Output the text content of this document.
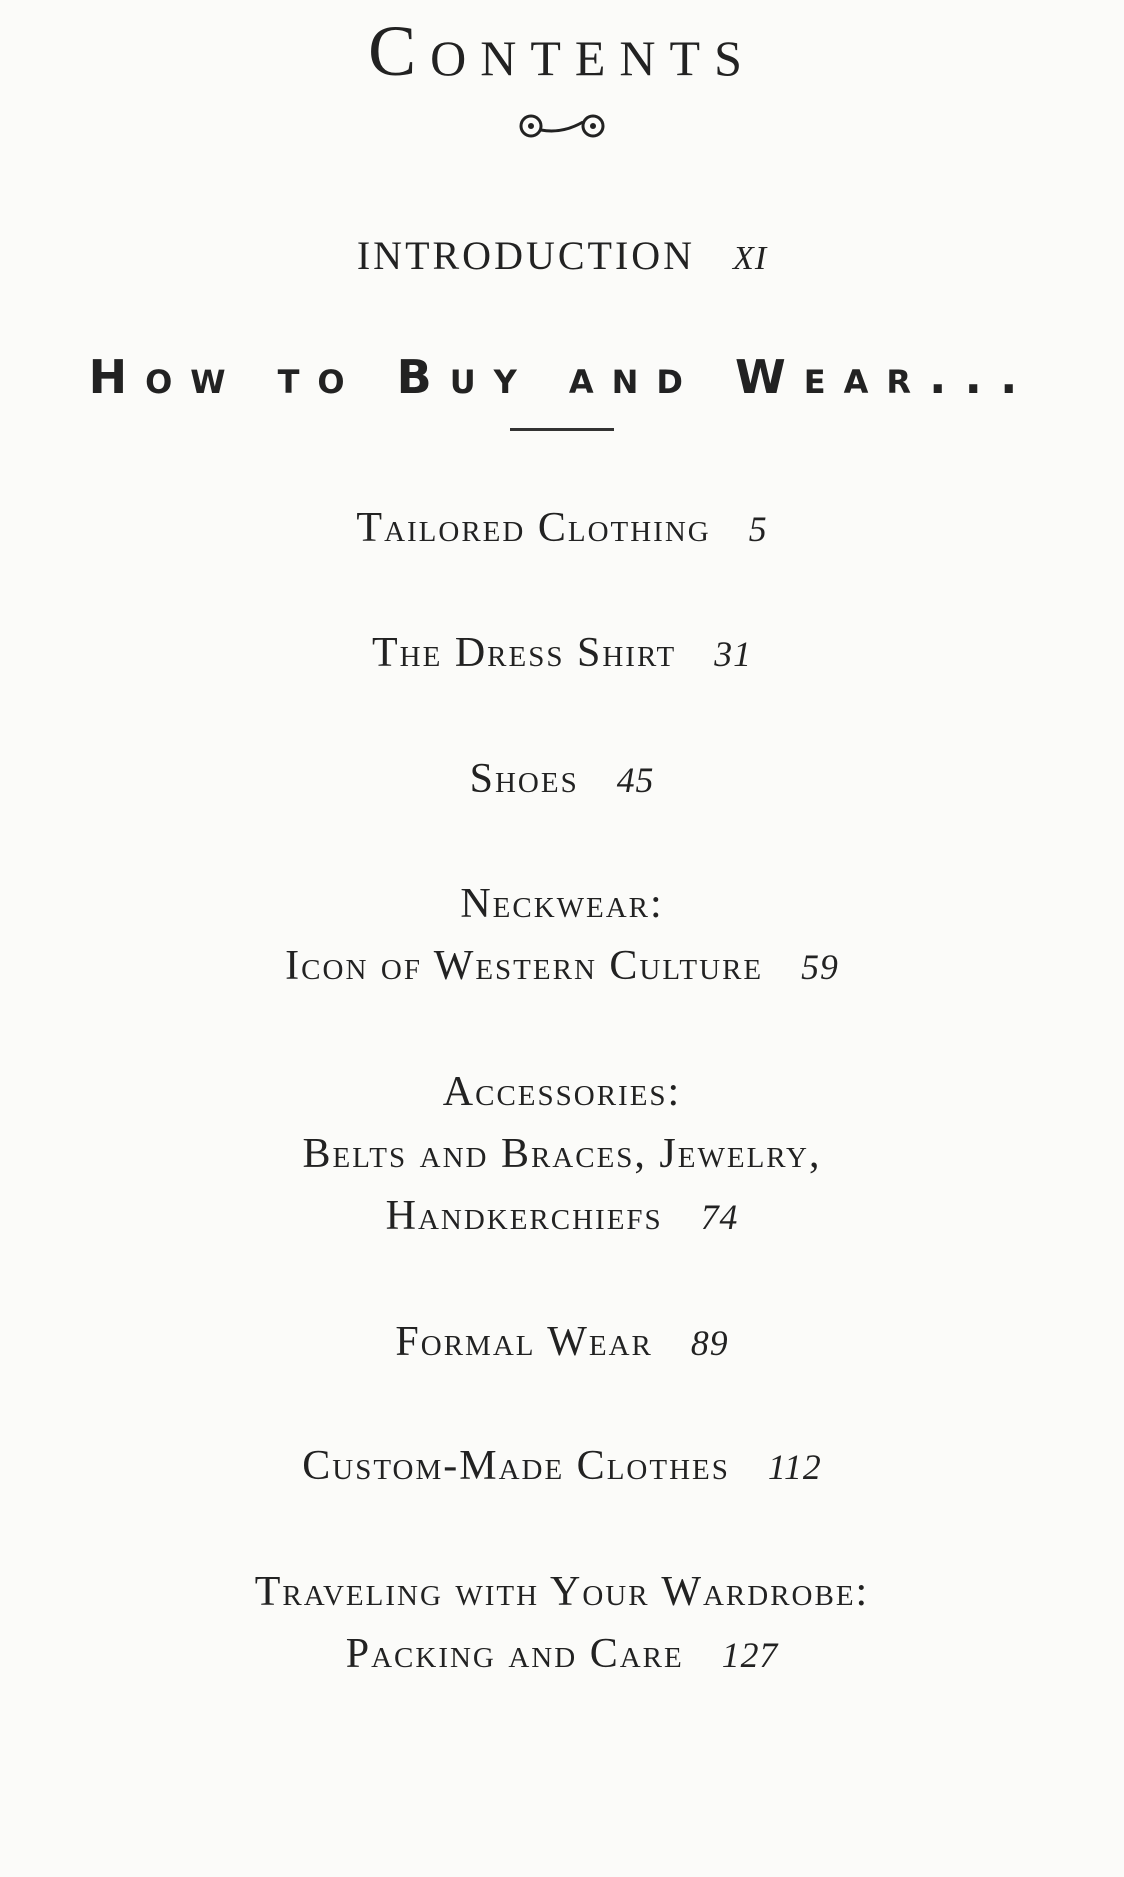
Contents
INTRODUCTION XI
How to Buy and Wear...
Tailored Clothing 5
The Dress Shirt 31
Shoes 45
Neckwear:
Icon of Western Culture 59
Accessories:
Belts and Braces, Jewelry,
Handkerchiefs 74
Formal Wear 89
Custom-Made Clothes 112
Traveling with Your Wardrobe:
Packing and Care 127
